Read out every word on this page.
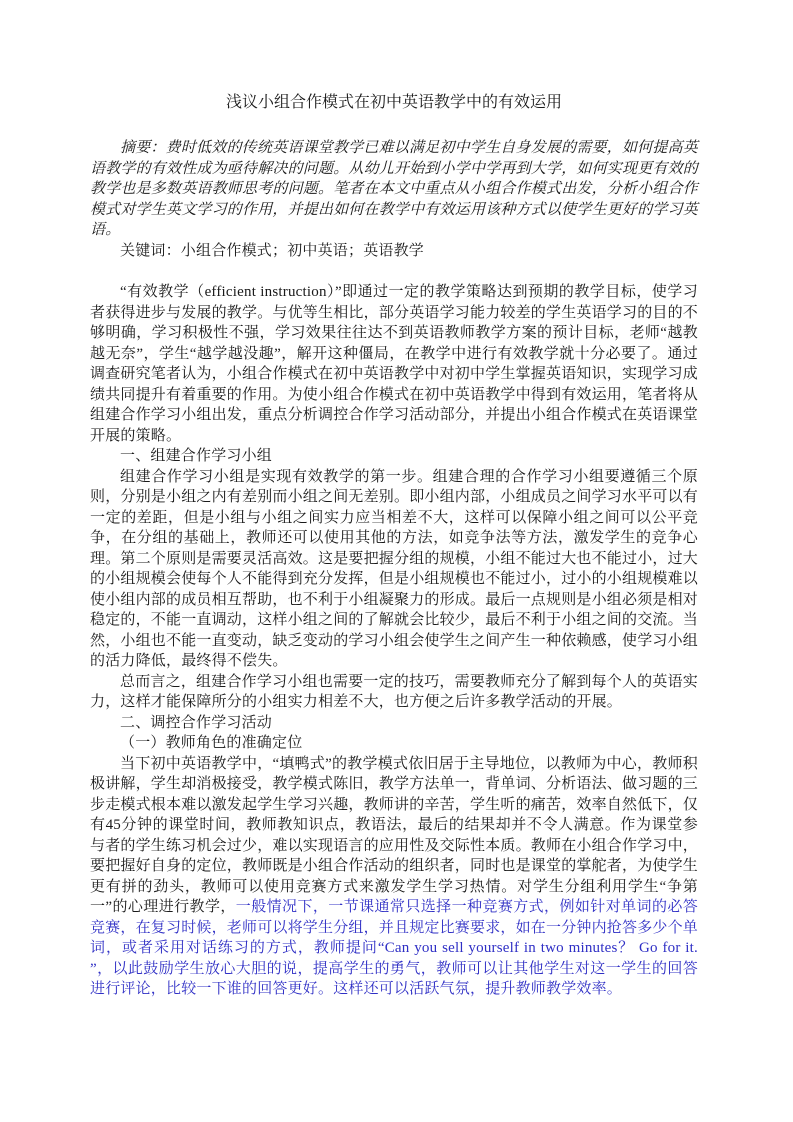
浅议小组合作模式在初中英语教学中的有效运用

摘要：费时低效的传统英语课堂教学已难以满足初中学生自身发展的需要，如何提高英语教学的有效性成为亟待解决的问题。从幼儿开始到小学中学再到大学，如何实现更有效的教学也是多数英语教师思考的问题。笔者在本文中重点从小组合作模式出发，分析小组合作模式对学生英文学习的作用，并提出如何在教学中有效运用该种方式以使学生更好的学习英语。

关键词：小组合作模式；初中英语；英语教学

“有效教学（efficient instruction）”即通过一定的教学策略达到预期的教学目标，使学习者获得进步与发展的教学。与优等生相比，部分英语学习能力较差的学生英语学习的目的不够明确，学习积极性不强，学习效果往往达不到英语教师教学方案的预计目标，老师“越教越无奈”，学生“越学越没趣”，解开这种僵局，在教学中进行有效教学就十分必要了。通过调查研究笔者认为，小组合作模式在初中英语教学中对初中学生掌握英语知识，实现学习成绩共同提升有着重要的作用。为使小组合作模式在初中英语教学中得到有效运用，笔者将从组建合作学习小组出发，重点分析调控合作学习活动部分，并提出小组合作模式在英语课堂开展的策略。

一、组建合作学习小组

组建合作学习小组是实现有效教学的第一步。组建合理的合作学习小组要遵循三个原则，分别是小组之内有差别而小组之间无差别。即小组内部，小组成员之间学习水平可以有一定的差距，但是小组与小组之间实力应当相差不大，这样可以保障小组之间可以公平竞争，在分组的基础上，教师还可以使用其他的方法，如竞争法等方法，激发学生的竞争心理。第二个原则是需要灵活高效。这是要把握分组的规模，小组不能过大也不能过小，过大的小组规模会使每个人不能得到充分发挥，但是小组规模也不能过小，过小的小组规模难以使小组内部的成员相互帮助，也不利于小组凝聚力的形成。最后一点规则是小组必须是相对稳定的，不能一直调动，这样小组之间的了解就会比较少，最后不利于小组之间的交流。当然，小组也不能一直变动，缺乏变动的学习小组会使学生之间产生一种依赖感，使学习小组的活力降低，最终得不偿失。

总而言之，组建合作学习小组也需要一定的技巧，需要教师充分了解到每个人的英语实力，这样才能保障所分的小组实力相差不大，也方便之后许多教学活动的开展。

二、调控合作学习活动

（一）教师角色的准确定位

当下初中英语教学中，“填鸭式”的教学模式依旧居于主导地位，以教师为中心，教师积极讲解，学生却消极接受，教学模式陈旧，教学方法单一，背单词、分析语法、做习题的三步走模式根本难以激发起学生学习兴趣，教师讲的辛苦，学生听的痛苦，效率自然低下，仅有45分钟的课堂时间，教师教知识点，教语法，最后的结果却并不令人满意。作为课堂参与者的学生练习机会过少，难以实现语言的应用性及交际性本质。教师在小组合作学习中，要把握好自身的定位，教师既是小组合作活动的组织者，同时也是课堂的掌舵者，为使学生更有拼的劲头，教师可以使用竞赛方式来激发学生学习热情。对学生分组利用学生“争第一”的心理进行教学，一般情况下，一节课通常只选择一种竞赛方式，例如针对单词的必答竞赛，在复习时候，老师可以将学生分组，并且规定比赛要求，如在一分钟内抢答多少个单词，或者采用对话练习的方式，教师提问“Can you sell yourself in two minutes？ Go for it. ”，以此鼓励学生放心大胆的说，提高学生的勇气，教师可以让其他学生对这一学生的回答进行评论，比较一下谁的回答更好。这样还可以活跃气氛，提升教师教学效率。
